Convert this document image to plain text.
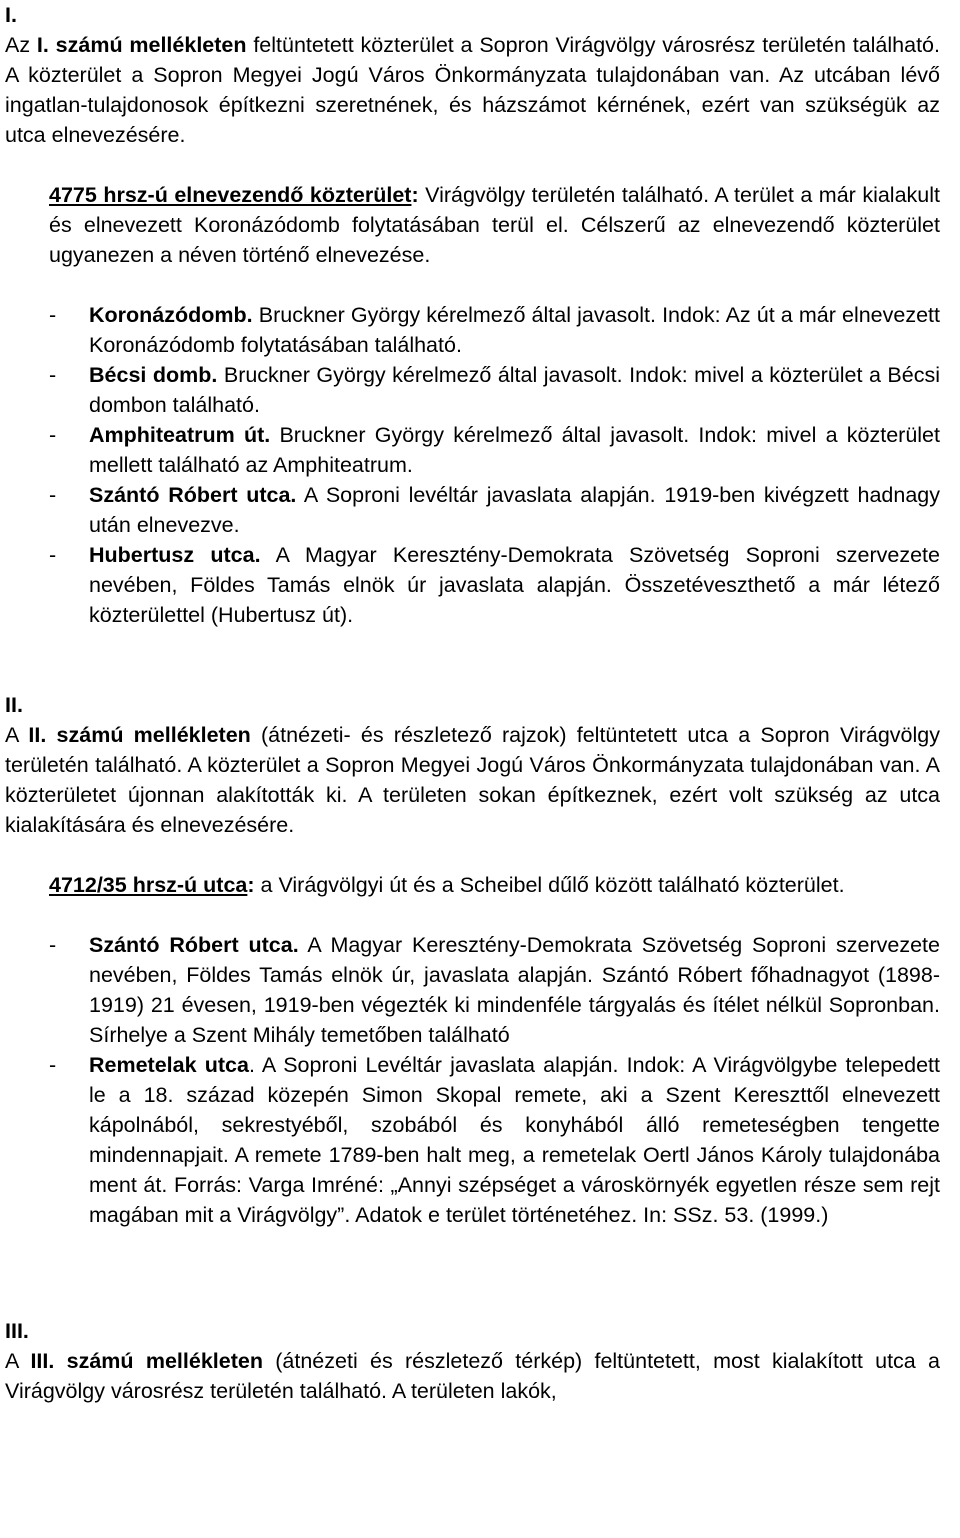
I.

Az I. számú mellékleten feltüntetett közterület a Sopron Virágvölgy városrész területén található. A közterület a Sopron Megyei Jogú Város Önkormányzata tulajdonában van. Az utcában lévő ingatlan-tulajdonosok építkezni szeretnének, és házszámot kérnének, ezért van szükségük az utca elnevezésére.

4775 hrsz-ú elnevezendő közterület: Virágvölgy területén található. A terület a már kialakult és elnevezett Koronázódomb folytatásában terül el. Célszerű az elnevezendő közterület ugyanezen a néven történő elnevezése.

- Koronázódomb. Bruckner György kérelmező által javasolt. Indok: Az út a már elnevezett Koronázódomb folytatásában található.
- Bécsi domb. Bruckner György kérelmező által javasolt. Indok: mivel a közterület a Bécsi dombon található.
- Amphiteatrum út. Bruckner György kérelmező által javasolt. Indok: mivel a közterület mellett található az Amphiteatrum.
- Szántó Róbert utca. A Soproni levéltár javaslata alapján. 1919-ben kivégzett hadnagy után elnevezve.
- Hubertusz utca. A Magyar Keresztény-Demokrata Szövetség Soproni szervezete nevében, Földes Tamás elnök úr javaslata alapján. Összetéveszthető a már létező közterülettel (Hubertusz út).
II.

A II. számú mellékleten (átnézeti- és részletező rajzok) feltüntetett utca a Sopron Virágvölgy területén található. A közterület a Sopron Megyei Jogú Város Önkormányzata tulajdonában van. A közterületet újonnan alakították ki. A területen sokan építkeznek, ezért volt szükség az utca kialakítására és elnevezésére.

4712/35 hrsz-ú utca: a Virágvölgyi út és a Scheibel dűlő között található közterület.

- Szántó Róbert utca. A Magyar Keresztény-Demokrata Szövetség Soproni szervezete nevében, Földes Tamás elnök úr, javaslata alapján. Szántó Róbert főhadnagyot (1898-1919) 21 évesen, 1919-ben végezték ki mindenféle tárgyalás és ítélet nélkül Sopronban. Sírhelye a Szent Mihály temetőben található
- Remetelak utca. A Soproni Levéltár javaslata alapján. Indok: A Virágvölgybe telepedett le a 18. század közepén Simon Skopal remete, aki a Szent Kereszttől elnevezett kápolnából, sekrestyéből, szobából és konyhából álló remeteségben tengette mindennapjait. A remete 1789-ben halt meg, a remetelak Oertl János Károly tulajdonába ment át. Forrás: Varga Imréné: „Annyi szépséget a városkörnyék egyetlen része sem rejt magában mit a Virágvölgy”. Adatok e terület történetéhez. In: SSz. 53. (1999.)
III.

A III. számú mellékleten (átnézeti és részletező térkép) feltüntetett, most kialakított utca a Virágvölgy városrész területén található. A területen lakók,
